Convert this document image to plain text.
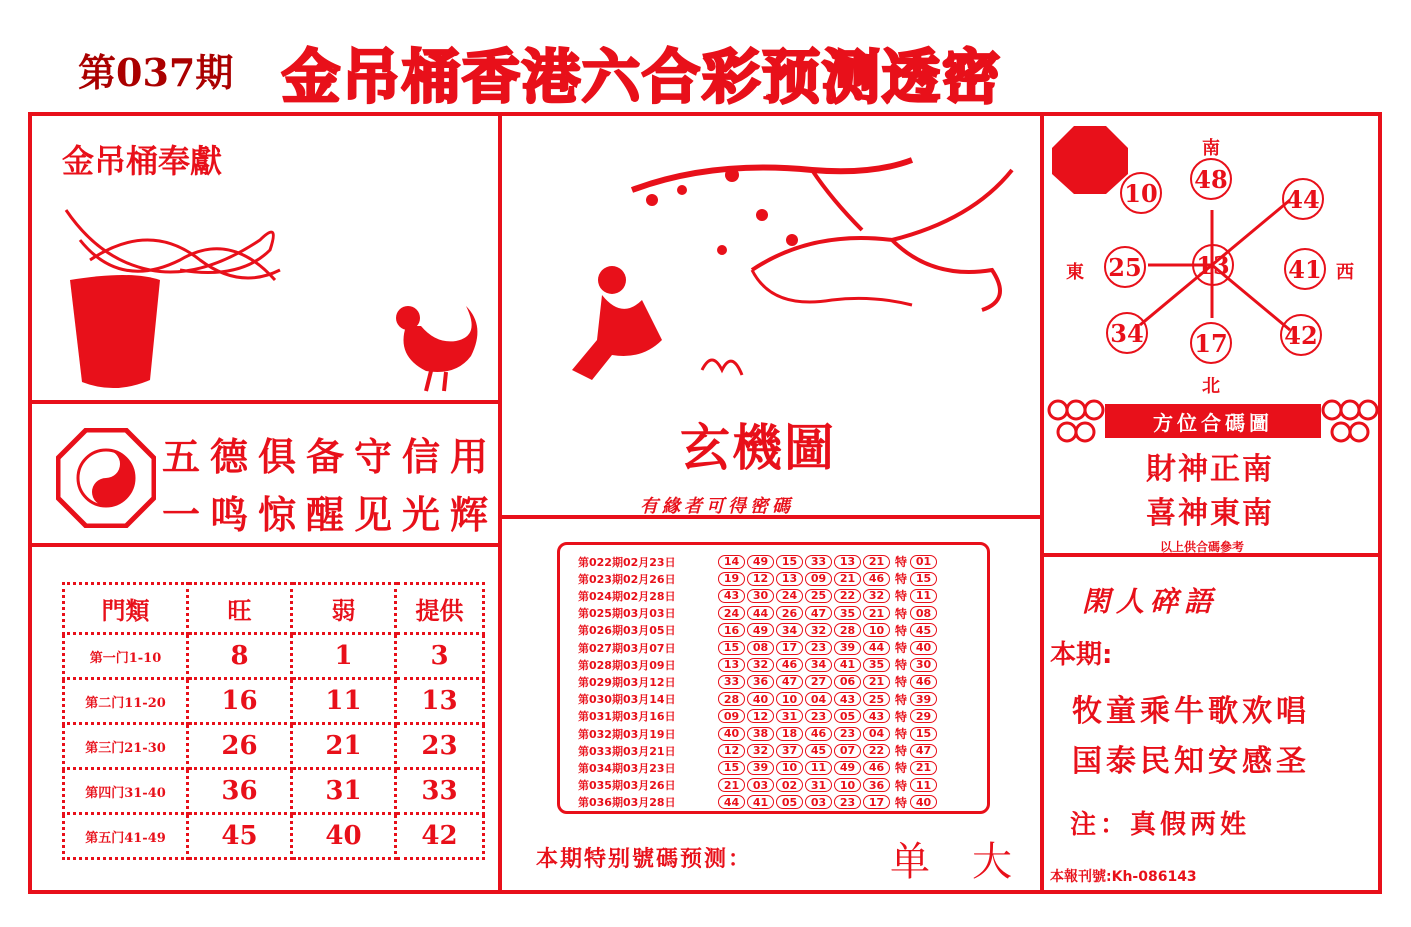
第037期 金吊桶香港六合彩预测透密
金吊桶奉獻
五德俱备守信用
一鸣惊醒见光辉
門類	旺	弱	提供
第一门1-10	8	1	3
第二门11-20	16	11	13
第三门21-30	26	21	23
第四门31-40	36	31	33
第五门41-49	45	40	42
玄機圖
有緣者可得密碼
第022期02月23日	14	49	15	33	13	21 特 01
第023期02月26日	19	12	13	09	21	46 特 15
第024期02月28日	43	30	24	25	22	32 特 11
第025期03月03日	24	44	26	47	35	21 特 08
第026期03月05日	16	49	34	32	28	10 特 45
第027期03月07日	15	08	17	23	39	44 特 40
第028期03月09日	13	32	46	34	41	35 特 30
第029期03月12日	33	36	47	27	06	21 特 46
第030期03月14日	28	40	10	04	43	25 特 39
第031期03月16日	09	12	31	23	05	43 特 29
第032期03月19日	40	38	18	46	23	04 特 15
第033期03月21日	12	32	37	45	07	22 特 47
第034期03月23日	15	39	10	11	49	46 特 21
第035期03月26日	21	03	02	31	10	36 特 11
第036期03月28日	44	41	05	03	23	17 特 40
本期特别號碼预测：	单 大
南
北
東	西
10 48
44
25 13 41
34 17 42
方位合碼圖
財神正南
喜神東南
以上供合碼參考
閑人碎語
本期:
牧童乘牛歌欢唱
国泰民知安感圣
注：真假两姓
本報刊號:Kh-086143
